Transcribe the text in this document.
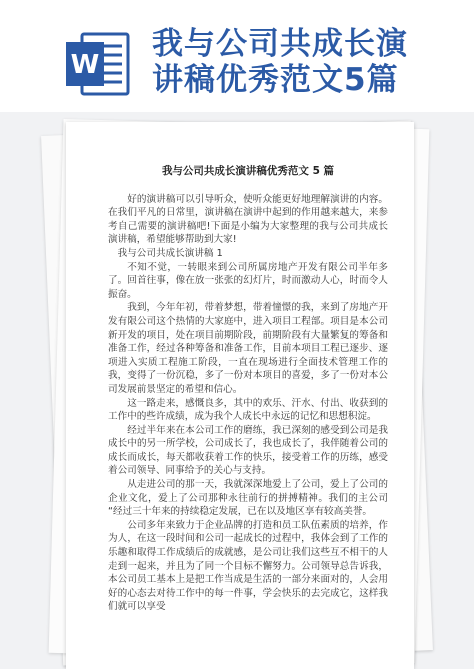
W
我与公司共成长演
讲稿优秀范文5篇
我与公司共成长演讲稿优秀范文 5 篇

好的演讲稿可以引导听众，使听众能更好地理解演讲的内容。在我们平凡的日常里，演讲稿在演讲中起到的作用越来越大，来参考自己需要的演讲稿吧!下面是小编为大家整理的我与公司共成长演讲稿，希望能够帮助到大家!

我与公司共成长演讲稿 1

不知不觉，一转眼来到公司所属房地产开发有限公司半年多了。回首往事，像在放一张张的幻灯片，时而激动人心，时而令人振奋。

我到，今年年初，带着梦想，带着憧憬的我，来到了房地产开发有限公司这个热情的大家庭中，进入项目工程部。项目是本公司新开发的项目，处在项目前期阶段，前期阶段有大量繁复的筹备和准备工作，经过各种筹备和准备工作，目前本项目工程已逐步、逐项进入实质工程施工阶段，一直在现场进行全面技术管理工作的我，变得了一份沉稳，多了一份对本项目的喜爱，多了一份对本公司发展前景坚定的希望和信心。

这一路走来，感慨良多，其中的欢乐、汗水、付出、收获到的工作中的些许成绩，成为我个人成长中永远的记忆和思想积淀。

经过半年来在本公司工作的磨练，我已深刻的感受到公司是我成长中的另一所学校，公司成长了，我也成长了，我伴随着公司的成长而成长，每天都收获着工作的快乐，接受着工作的历练，感受着公司领导、同事给予的关心与支持。

从走进公司的那一天，我就深深地爱上了公司，爱上了公司的企业文化，爱上了公司那种永往前行的拼搏精神。我们的主公司 “经过三十年来的持续稳定发展，已在以及地区享有较高美誉。

公司多年来致力于企业品牌的打造和员工队伍素质的培养，作为人，在这一段时间和公司一起成长的过程中，我体会到了工作的乐趣和取得工作成绩后的成就感，是公司让我们这些互不相干的人走到一起来，并且为了同一个目标不懈努力。公司领导总告诉我，本公司员工基本上是把工作当成是生活的一部分来面对的，人会用好的心态去对待工作中的每一件事，学会快乐的去完成它，这样我们就可以享受
